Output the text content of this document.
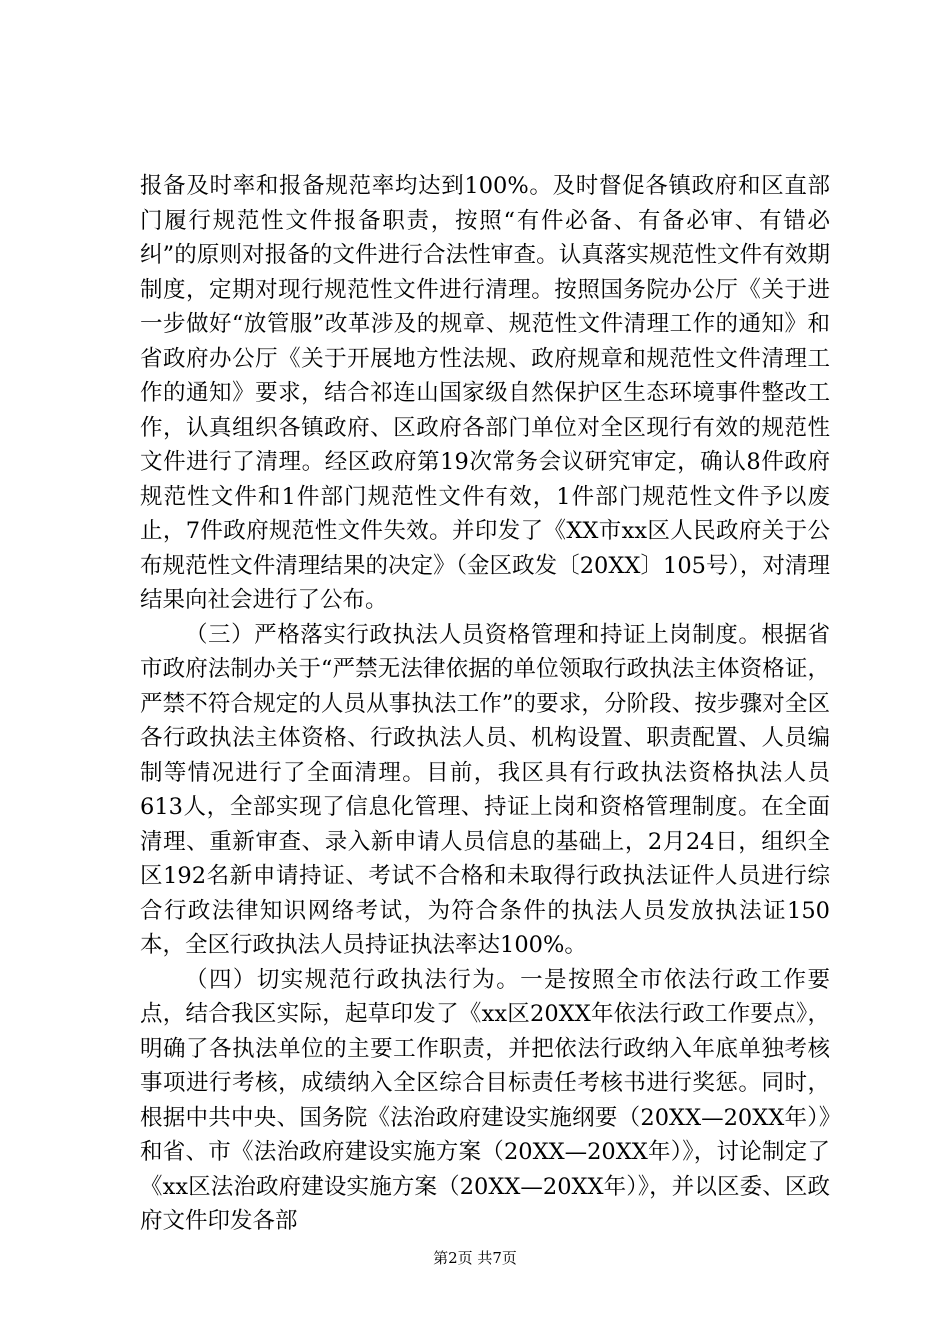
报备及时率和报备规范率均达到100%。及时督促各镇政府和区直部门履行规范性文件报备职责，按照“有件必备、有备必审、有错必纠”的原则对报备的文件进行合法性审查。认真落实规范性文件有效期制度，定期对现行规范性文件进行清理。按照国务院办公厅《关于进一步做好“放管服”改革涉及的规章、规范性文件清理工作的通知》和省政府办公厅《关于开展地方性法规、政府规章和规范性文件清理工作的通知》要求，结合祁连山国家级自然保护区生态环境事件整改工作，认真组织各镇政府、区政府各部门单位对全区现行有效的规范性文件进行了清理。经区政府第19次常务会议研究审定，确认8件政府规范性文件和1件部门规范性文件有效，1件部门规范性文件予以废止，7件政府规范性文件失效。并印发了《XX市xx区人民政府关于公布规范性文件清理结果的决定》（金区政发〔20XX〕105号），对清理结果向社会进行了公布。

（三）严格落实行政执法人员资格管理和持证上岗制度。根据省市政府法制办关于“严禁无法律依据的单位领取行政执法主体资格证，严禁不符合规定的人员从事执法工作”的要求，分阶段、按步骤对全区各行政执法主体资格、行政执法人员、机构设置、职责配置、人员编制等情况进行了全面清理。目前，我区具有行政执法资格执法人员613人，全部实现了信息化管理、持证上岗和资格管理制度。在全面清理、重新审查、录入新申请人员信息的基础上，2月24日，组织全区192名新申请持证、考试不合格和未取得行政执法证件人员进行综合行政法律知识网络考试，为符合条件的执法人员发放执法证150本，全区行政执法人员持证执法率达100%。

（四）切实规范行政执法行为。一是按照全市依法行政工作要点，结合我区实际，起草印发了《xx区20XX年依法行政工作要点》，明确了各执法单位的主要工作职责，并把依法行政纳入年底单独考核事项进行考核，成绩纳入全区综合目标责任考核书进行奖惩。同时，根据中共中央、国务院《法治政府建设实施纲要（20XX—20XX年）》和省、市《法治政府建设实施方案（20XX—20XX年）》，讨论制定了《xx区法治政府建设实施方案（20XX—20XX年）》，并以区委、区政府文件印发各部

第2页 共7页
